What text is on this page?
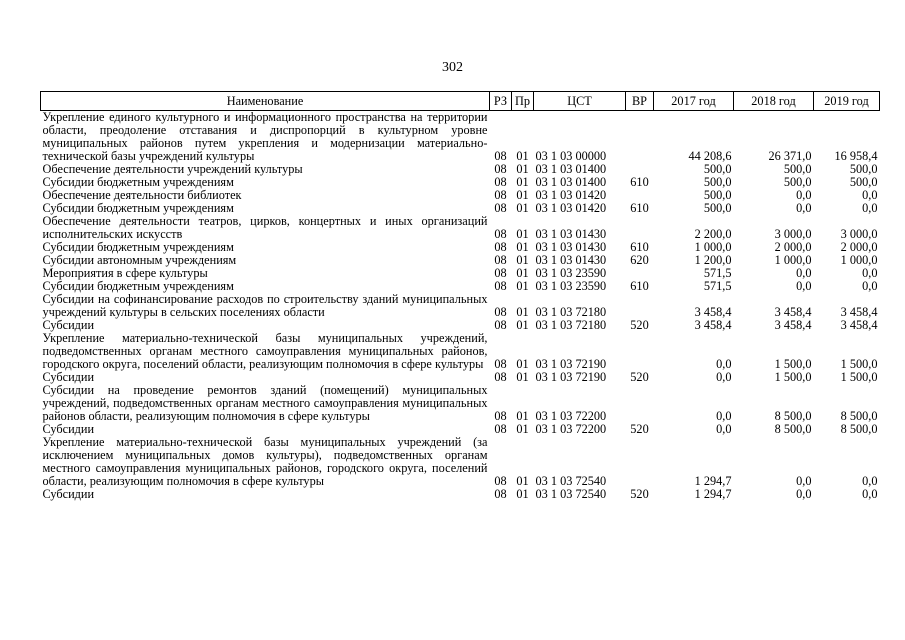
302
Наименование	РЗ	Пр	ЦСТ	ВР	2017 год	2018 год	2019 год
Укрепление единого культурного и информационного пространства на территории области, преодоление отставания и диспропорций в культурном уровне муниципальных районов путем укрепления и модернизации материально-технической базы учреждений культуры	08	01	03 1 03 00000		44 208,6	26 371,0	16 958,4
Обеспечение деятельности учреждений культуры	08	01	03 1 03 01400		500,0	500,0	500,0
Субсидии бюджетным учреждениям	08	01	03 1 03 01400	610	500,0	500,0	500,0
Обеспечение деятельности библиотек	08	01	03 1 03 01420		500,0	0,0	0,0
Субсидии бюджетным учреждениям	08	01	03 1 03 01420	610	500,0	0,0	0,0
Обеспечение деятельности театров, цирков, концертных и иных организаций исполнительских искусств	08	01	03 1 03 01430		2 200,0	3 000,0	3 000,0
Субсидии бюджетным учреждениям	08	01	03 1 03 01430	610	1 000,0	2 000,0	2 000,0
Субсидии автономным учреждениям	08	01	03 1 03 01430	620	1 200,0	1 000,0	1 000,0
Мероприятия в сфере культуры	08	01	03 1 03 23590		571,5	0,0	0,0
Субсидии бюджетным учреждениям	08	01	03 1 03 23590	610	571,5	0,0	0,0
Субсидии на софинансирование расходов по строительству зданий муниципальных учреждений культуры в сельских поселениях области	08	01	03 1 03 72180		3 458,4	3 458,4	3 458,4
Субсидии	08	01	03 1 03 72180	520	3 458,4	3 458,4	3 458,4
Укрепление материально-технической базы муниципальных учреждений, подведомственных органам местного самоуправления муниципальных районов, городского округа, поселений области, реализующим полномочия в сфере культуры	08	01	03 1 03 72190		0,0	1 500,0	1 500,0
Субсидии	08	01	03 1 03 72190	520	0,0	1 500,0	1 500,0
Субсидии на проведение ремонтов зданий (помещений) муниципальных учреждений, подведомственных органам местного самоуправления муниципальных районов области, реализующим полномочия в сфере культуры	08	01	03 1 03 72200		0,0	8 500,0	8 500,0
Субсидии	08	01	03 1 03 72200	520	0,0	8 500,0	8 500,0
Укрепление материально-технической базы муниципальных учреждений (за исключением муниципальных домов культуры), подведомственных органам местного самоуправления муниципальных районов, городского округа, поселений области, реализующим полномочия в сфере культуры	08	01	03 1 03 72540		1 294,7	0,0	0,0
Субсидии	08	01	03 1 03 72540	520	1 294,7	0,0	0,0
